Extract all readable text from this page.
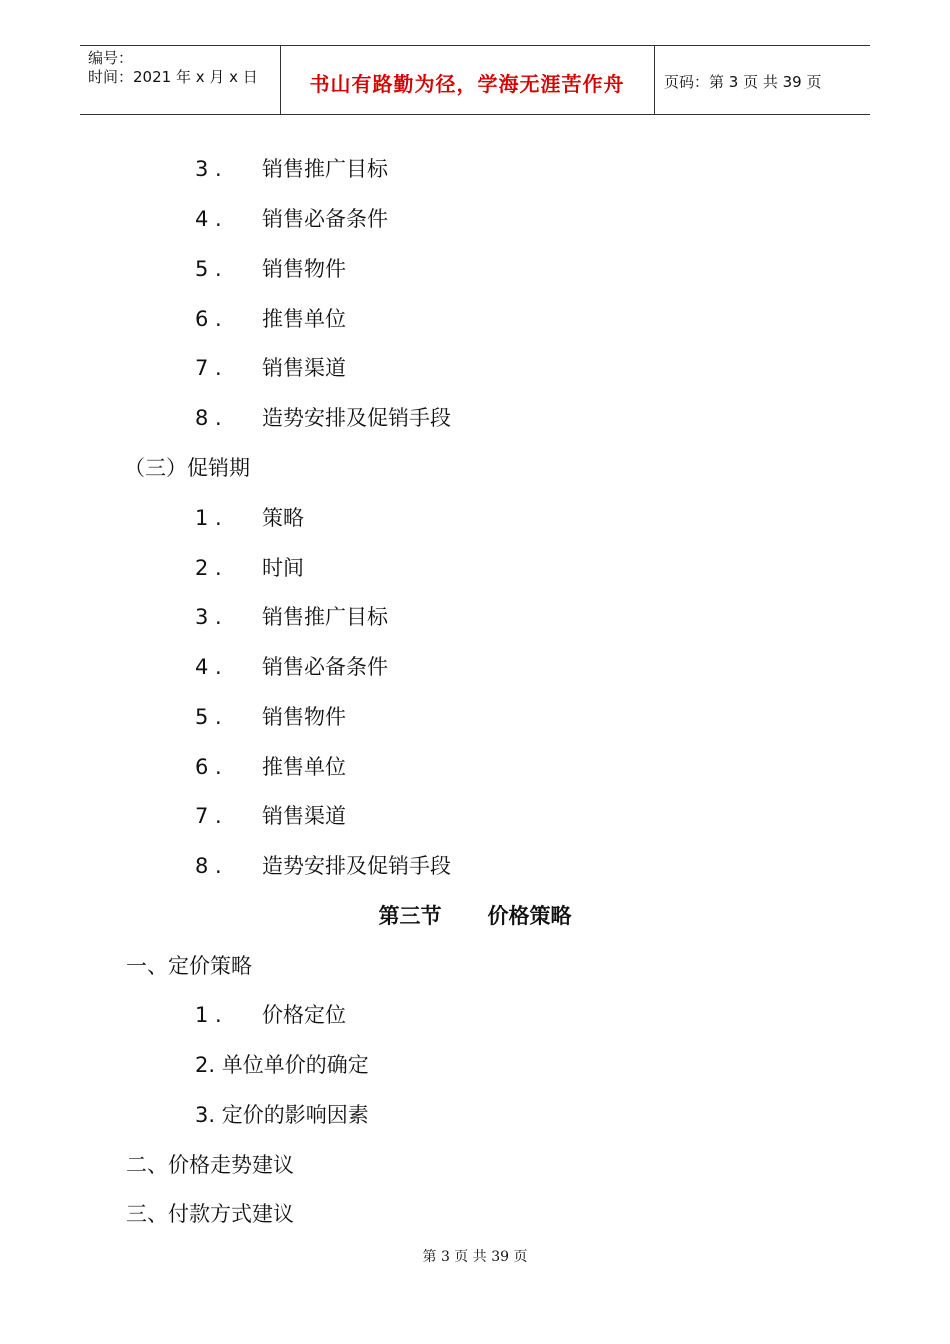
编号：
时间：2021 年 x 月 x 日	书山有路勤为径，学海无涯苦作舟	页码：第 3 页 共 39 页
3 . 销售推广目标
4 . 销售必备条件
5 . 销售物件
6 . 推售单位
7 . 销售渠道
8 . 造势安排及促销手段
（三）促销期
1 . 策略
2 . 时间
3 . 销售推广目标
4 . 销售必备条件
5 . 销售物件
6 . 推售单位
7 . 销售渠道
8 . 造势安排及促销手段
第三节 价格策略
一、定价策略
1 . 价格定位
2. 单位单价的确定
3. 定价的影响因素
二、价格走势建议
三、付款方式建议
第 3 页 共 39 页
